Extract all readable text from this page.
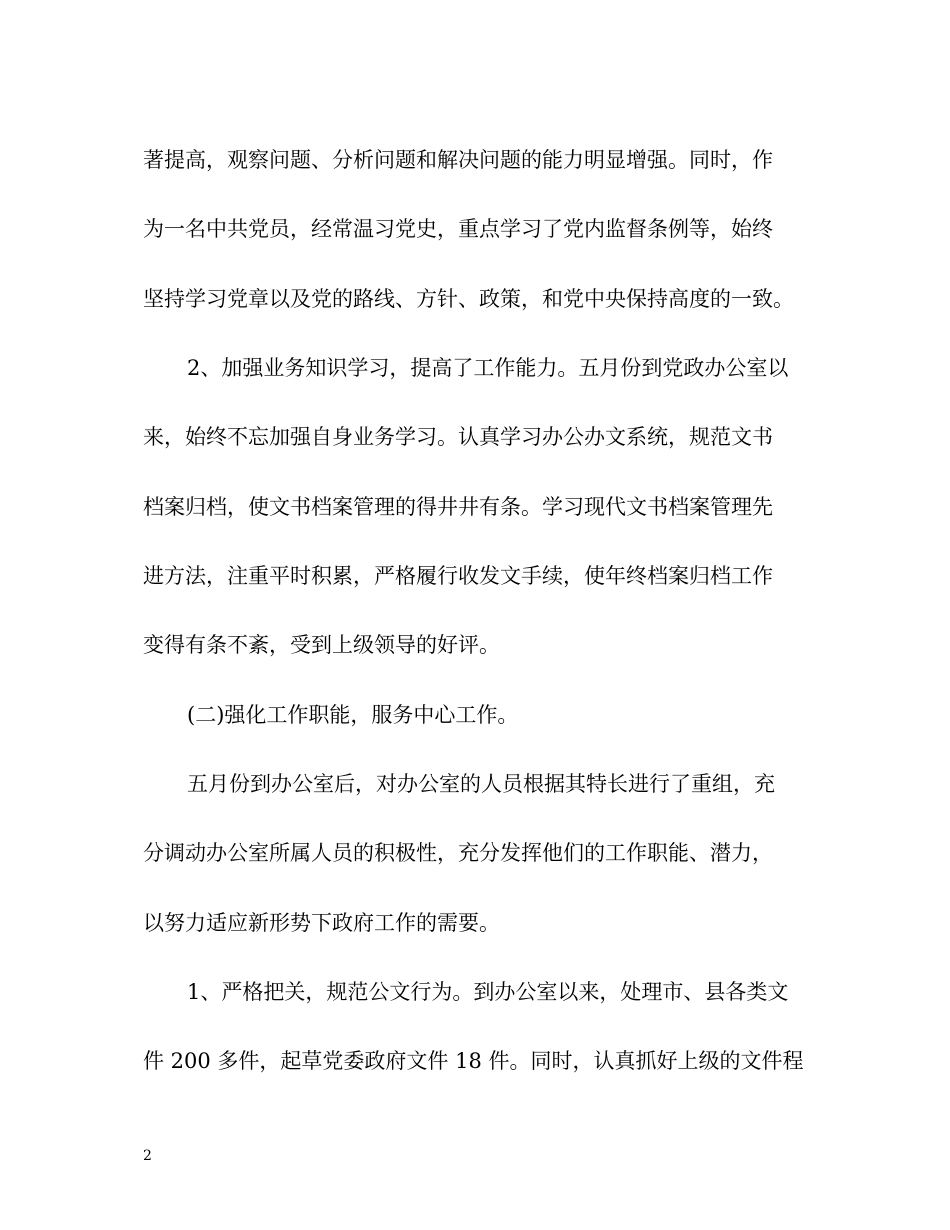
著提高，观察问题、分析问题和解决问题的能力明显增强。同时，作
为一名中共党员，经常温习党史，重点学习了党内监督条例等，始终
坚持学习党章以及党的路线、方针、政策，和党中央保持高度的一致。
2、加强业务知识学习，提高了工作能力。五月份到党政办公室以
来，始终不忘加强自身业务学习。认真学习办公办文系统，规范文书
档案归档，使文书档案管理的得井井有条。学习现代文书档案管理先
进方法，注重平时积累，严格履行收发文手续，使年终档案归档工作
变得有条不紊，受到上级领导的好评。
(二)强化工作职能，服务中心工作。
五月份到办公室后，对办公室的人员根据其特长进行了重组，充
分调动办公室所属人员的积极性，充分发挥他们的工作职能、潜力，
以努力适应新形势下政府工作的需要。
1、严格把关，规范公文行为。到办公室以来，处理市、县各类文
件 200 多件，起草党委政府文件 18 件。同时，认真抓好上级的文件程
2
